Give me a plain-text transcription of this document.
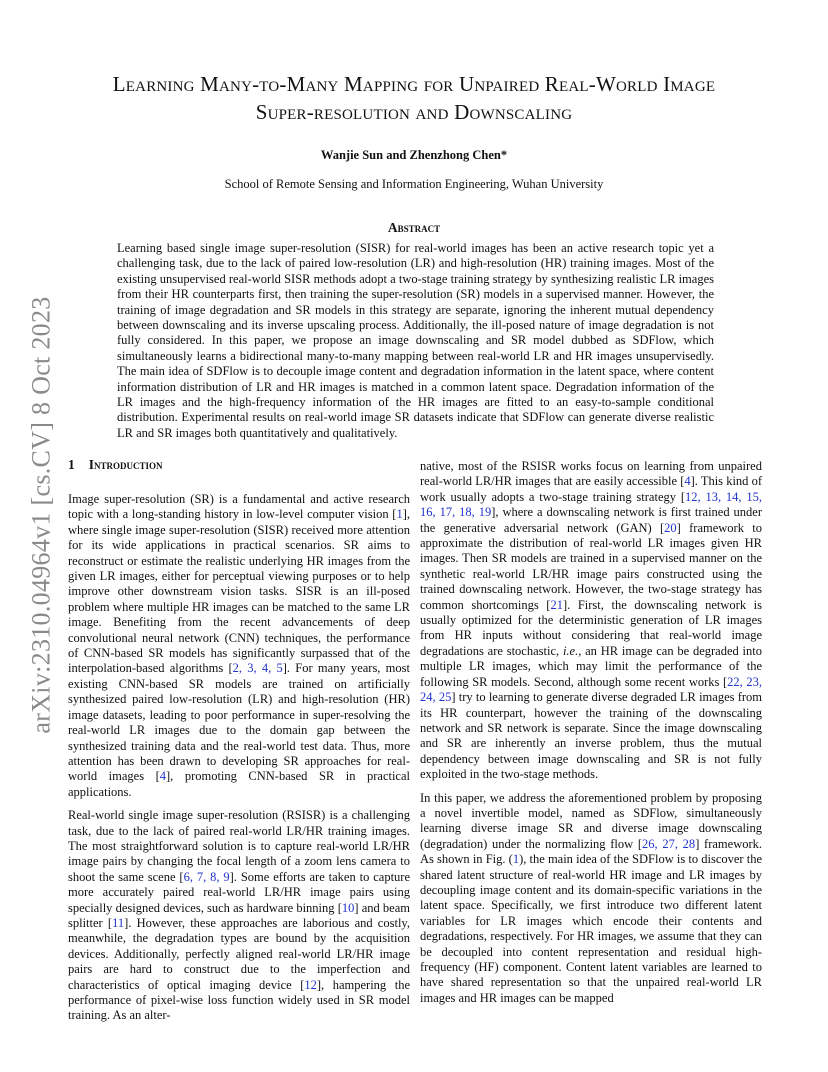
arXiv:2310.04964v1 [cs.CV] 8 Oct 2023
Learning Many-to-Many Mapping for Unpaired Real-World Image
Super-resolution and Downscaling
Wanjie Sun and Zhenzhong Chen*
School of Remote Sensing and Information Engineering, Wuhan University
Abstract
Learning based single image super-resolution (SISR) for real-world images has been an active research topic yet a challenging task, due to the lack of paired low-resolution (LR) and high-resolution (HR) training images. Most of the existing unsupervised real-world SISR methods adopt a two-stage training strategy by synthesizing realistic LR images from their HR counterparts first, then training the super-resolution (SR) models in a supervised manner. However, the training of image degradation and SR models in this strategy are separate, ignoring the inherent mutual dependency between downscaling and its inverse upscaling process. Additionally, the ill-posed nature of image degradation is not fully considered. In this paper, we propose an image downscaling and SR model dubbed as SDFlow, which simultaneously learns a bidirectional many-to-many mapping between real-world LR and HR images unsupervisedly. The main idea of SDFlow is to decouple image content and degradation information in the latent space, where content information distribution of LR and HR images is matched in a common latent space. Degradation information of the LR images and the high-frequency information of the HR images are fitted to an easy-to-sample conditional distribution. Experimental results on real-world image SR datasets indicate that SDFlow can generate diverse realistic LR and SR images both quantitatively and qualitatively.
1 Introduction

Image super-resolution (SR) is a fundamental and active research topic with a long-standing history in low-level computer vision [1], where single image super-resolution (SISR) received more attention for its wide applications in practical scenarios. SR aims to reconstruct or estimate the realistic underlying HR images from the given LR images, either for perceptual viewing purposes or to help improve other downstream vision tasks. SISR is an ill-posed problem where multiple HR images can be matched to the same LR image. Benefiting from the recent advancements of deep convolutional neural network (CNN) techniques, the performance of CNN-based SR models has significantly surpassed that of the interpolation-based algorithms [2, 3, 4, 5]. For many years, most existing CNN-based SR models are trained on artificially synthesized paired low-resolution (LR) and high-resolution (HR) image datasets, leading to poor performance in super-resolving the real-world LR images due to the domain gap between the synthesized training data and the real-world test data. Thus, more attention has been drawn to developing SR approaches for real-world images [4], promoting CNN-based SR in practical applications.

Real-world single image super-resolution (RSISR) is a challenging task, due to the lack of paired real-world LR/HR training images. The most straightforward solution is to capture real-world LR/HR image pairs by changing the focal length of a zoom lens camera to shoot the same scene [6, 7, 8, 9]. Some efforts are taken to capture more accurately paired real-world LR/HR image pairs using specially designed devices, such as hardware binning [10] and beam splitter [11]. However, these approaches are laborious and costly, meanwhile, the degradation types are bound by the acquisition devices. Additionally, perfectly aligned real-world LR/HR image pairs are hard to construct due to the imperfection and characteristics of optical imaging device [12], hampering the performance of pixel-wise loss function widely used in SR model training. As an alter-

native, most of the RSISR works focus on learning from unpaired real-world LR/HR images that are easily accessible [4]. This kind of work usually adopts a two-stage training strategy [12, 13, 14, 15, 16, 17, 18, 19], where a downscaling network is first trained under the generative adversarial network (GAN) [20] framework to approximate the distribution of real-world LR images given HR images. Then SR models are trained in a supervised manner on the synthetic real-world LR/HR image pairs constructed using the trained downscaling network. However, the two-stage strategy has common shortcomings [21]. First, the downscaling network is usually optimized for the deterministic generation of LR images from HR inputs without considering that real-world image degradations are stochastic, i.e., an HR image can be degraded into multiple LR images, which may limit the performance of the following SR models. Second, although some recent works [22, 23, 24, 25] try to learning to generate diverse degraded LR images from its HR counterpart, however the training of the downscaling network and SR network is separate. Since the image downscaling and SR are inherently an inverse problem, thus the mutual dependency between image downscaling and SR is not fully exploited in the two-stage methods.

In this paper, we address the aforementioned problem by proposing a novel invertible model, named as SDFlow, simultaneously learning diverse image SR and diverse image downscaling (degradation) under the normalizing flow [26, 27, 28] framework. As shown in Fig. (1), the main idea of the SDFlow is to discover the shared latent structure of real-world HR image and LR images by decoupling image content and its domain-specific variations in the latent space. Specifically, we first introduce two different latent variables for LR images which encode their contents and degradations, respectively. For HR images, we assume that they can be decoupled into content representation and residual high-frequency (HF) component. Content latent variables are learned to have shared representation so that the unpaired real-world LR images and HR images can be mapped
